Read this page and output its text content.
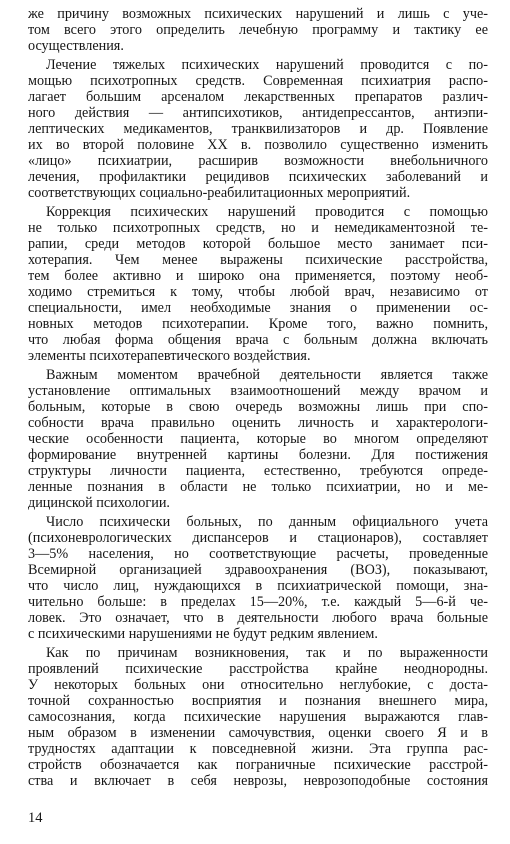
же причину возможных психических нарушений и лишь с уче-
том всего этого определить лечебную программу и тактику ее
осуществления.
Лечение тяжелых психических нарушений проводится с по-
мощью психотропных средств. Современная психиатрия распо-
лагает большим арсеналом лекарственных препаратов различ-
ного действия — антипсихотиков, антидепрессантов, антиэпи-
лептических медикаментов, транквилизаторов и др. Появление
их во второй половине XX в. позволило существенно изменить
«лицо» психиатрии, расширив возможности внебольничного
лечения, профилактики рецидивов психических заболеваний и
соответствующих социально-реабилитационных мероприятий.
Коррекция психических нарушений проводится с помощью
не только психотропных средств, но и немедикаментозной те-
рапии, среди методов которой большое место занимает пси-
хотерапия. Чем менее выражены психические расстройства,
тем более активно и широко она применяется, поэтому необ-
ходимо стремиться к тому, чтобы любой врач, независимо от
специальности, имел необходимые знания о применении ос-
новных методов психотерапии. Кроме того, важно помнить,
что любая форма общения врача с больным должна включать
элементы психотерапевтического воздействия.
Важным моментом врачебной деятельности является также
установление оптимальных взаимоотношений между врачом и
больным, которые в свою очередь возможны лишь при спо-
собности врача правильно оценить личность и характерологи-
ческие особенности пациента, которые во многом определяют
формирование внутренней картины болезни. Для постижения
структуры личности пациента, естественно, требуются опреде-
ленные познания в области не только психиатрии, но и ме-
дицинской психологии.
Число психически больных, по данным официального учета
(психоневрологических диспансеров и стационаров), составляет
3—5% населения, но соответствующие расчеты, проведенные
Всемирной организацией здравоохранения (ВОЗ), показывают,
что число лиц, нуждающихся в психиатрической помощи, зна-
чительно больше: в пределах 15—20%, т.е. каждый 5—6-й че-
ловек. Это означает, что в деятельности любого врача больные
с психическими нарушениями не будут редким явлением.
Как по причинам возникновения, так и по выраженности
проявлений психические расстройства крайне неоднородны.
У некоторых больных они относительно неглубокие, с доста-
точной сохранностью восприятия и познания внешнего мира,
самосознания, когда психические нарушения выражаются глав-
ным образом в изменении самочувствия, оценки своего Я и в
трудностях адаптации к повседневной жизни. Эта группа рас-
стройств обозначается как пограничные психические расстрой-
ства и включает в себя неврозы, неврозоподобные состояния
14
